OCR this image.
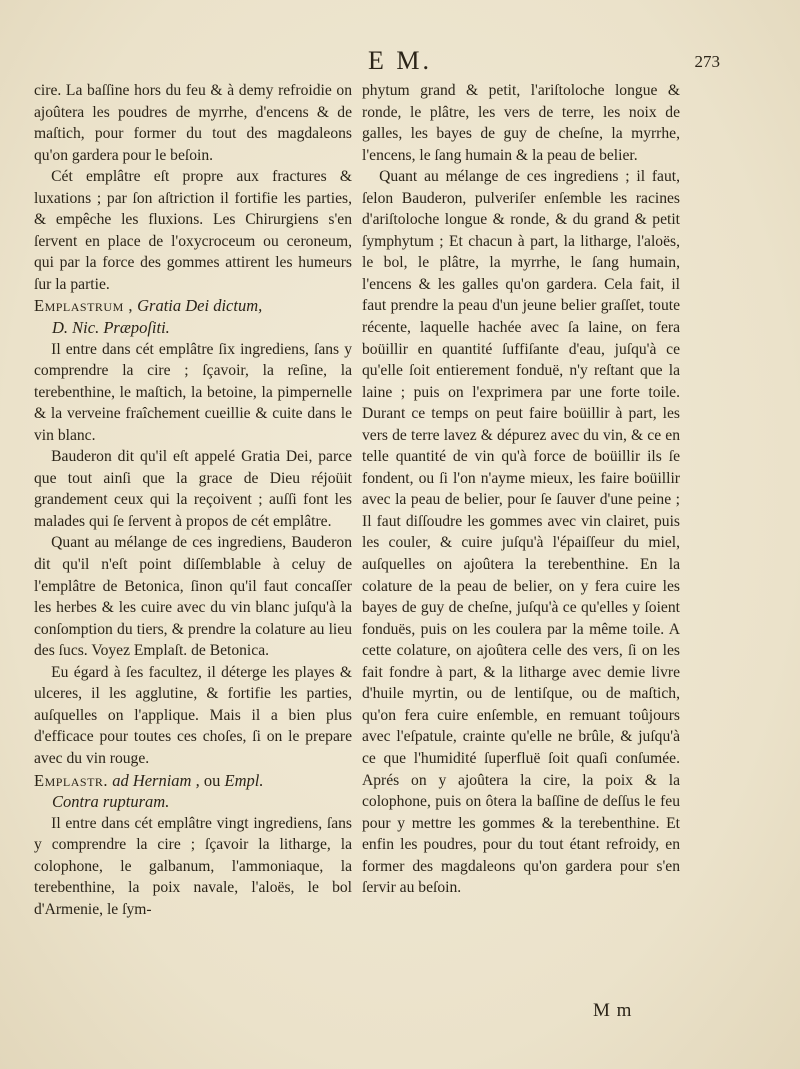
E M.	273

cire. La baſſine hors du feu & à demy refroidie on ajoûtera les poudres de myrrhe, d'encens & de maſtich, pour former du tout des magdaleons qu'on gardera pour le beſoin.

Cét emplâtre eſt propre aux fractures & luxations ; par ſon aſtriction il fortifie les parties, & empêche les fluxions. Les Chirurgiens s'en ſervent en place de l'oxycroceum ou ceroneum, qui par la force des gommes attirent les humeurs ſur la partie.

Emplastrum , Gratia Dei dictum,
D. Nic. Præpoſiti.

Il entre dans cét emplâtre ſix ingrediens, ſans y comprendre la cire ; ſçavoir, la reſine, la terebenthine, le maſtich, la betoine, la pimpernelle & la verveine fraîchement cueillie & cuite dans le vin blanc.

Bauderon dit qu'il eſt appelé Gratia Dei, parce que tout ainſi que la grace de Dieu réjoüit grandement ceux qui la reçoivent ; auſſi font les malades qui ſe ſervent à propos de cét emplâtre.

Quant au mélange de ces ingrediens, Bauderon dit qu'il n'eſt point diſſemblable à celuy de l'emplâtre de Betonica, ſinon qu'il faut concaſſer les herbes & les cuire avec du vin blanc juſqu'à la conſomption du tiers, & prendre la colature au lieu des ſucs. Voyez Emplaſt. de Betonica.

Eu égard à ſes facultez, il déterge les playes & ulceres, il les agglutine, & fortifie les parties, auſquelles on l'applique. Mais il a bien plus d'efficace pour toutes ces choſes, ſi on le prepare avec du vin rouge.

Emplastr. ad Herniam , ou Empl.
Contra rupturam.

Il entre dans cét emplâtre vingt ingrediens, ſans y comprendre la cire ; ſçavoir la litharge, la colophone, le galbanum, l'ammoniaque, la terebenthine, la poix navale, l'aloës, le bol d'Armenie, le ſym-

phytum grand & petit, l'ariſtoloche longue & ronde, le plâtre, les vers de terre, les noix de galles, les bayes de guy de cheſne, la myrrhe, l'encens, le ſang humain & la peau de belier.

Quant au mélange de ces ingrediens ; il faut, ſelon Bauderon, pulveriſer enſemble les racines d'ariſtoloche longue & ronde, & du grand & petit ſymphytum ; Et chacun à part, la litharge, l'aloës, le bol, le plâtre, la myrrhe, le ſang humain, l'encens & les galles qu'on gardera. Cela fait, il faut prendre la peau d'un jeune belier graſſet, toute récente, laquelle hachée avec ſa laine, on fera boüillir en quantité ſuffiſante d'eau, juſqu'à ce qu'elle ſoit entierement fonduë, n'y reſtant que la laine ; puis on l'exprimera par une forte toile. Durant ce temps on peut faire boüillir à part, les vers de terre lavez & dépurez avec du vin, & ce en telle quantité de vin qu'à force de boüillir ils ſe fondent, ou ſi l'on n'ayme mieux, les faire boüillir avec la peau de belier, pour ſe ſauver d'une peine ; Il faut diſſoudre les gommes avec vin clairet, puis les couler, & cuire juſqu'à l'épaiſſeur du miel, auſquelles on ajoûtera la terebenthine. En la colature de la peau de belier, on y fera cuire les bayes de guy de cheſne, juſqu'à ce qu'elles y ſoient fonduës, puis on les coulera par la même toile. A cette colature, on ajoûtera celle des vers, ſi on les fait fondre à part, & la litharge avec demie livre d'huile myrtin, ou de lentiſque, ou de maſtich, qu'on fera cuire enſemble, en remuant toûjours avec l'eſpatule, crainte qu'elle ne brûle, & juſqu'à ce que l'humidité ſuperfluë ſoit quaſi conſumée. Aprés on y ajoûtera la cire, la poix & la colophone, puis on ôtera la baſſine de deſſus le feu pour y mettre les gommes & la terebenthine. Et enfin les poudres, pour du tout étant refroidy, en former des magdaleons qu'on gardera pour s'en ſervir au beſoin.

M m
